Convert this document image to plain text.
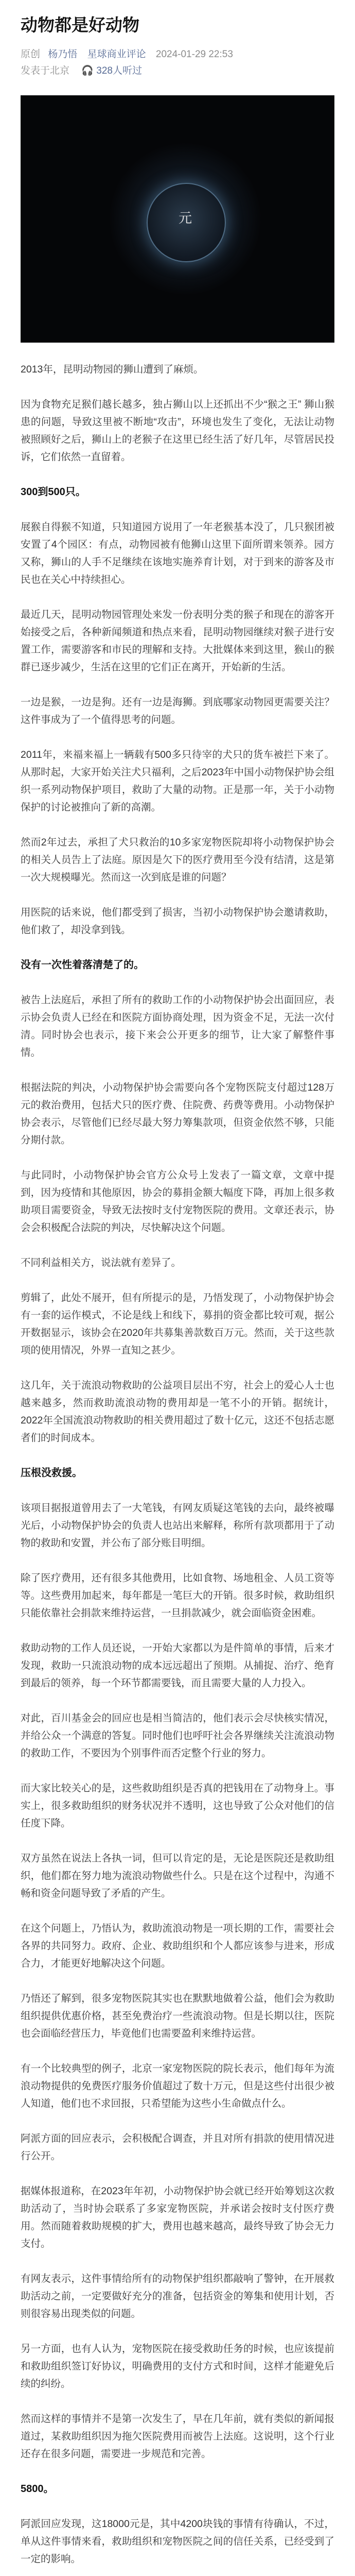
动物都是好动物
原创 杨乃悟 星球商业评论 2024-01-29 22:53
发表于北京 🎧 328人听过
元
2013年，昆明动物园的狮山遭到了麻烦。
因为食物充足猴们越长越多，独占狮山以上还抓出不少“猴之王” 狮山猴患的问题，导致这里被不断地“攻击”，环境也发生了变化，无法让动物被照顾好之后，狮山上的老猴子在这里已经生活了好几年，尽管居民投诉，它们依然一直留着。
300到500只。
展猴自得猴不知道，只知道园方说用了一年老猴基本没了，几只猴团被安置了4个园区：有点，动物园被有他狮山这里下面所谓来领养。园方又称，狮山的人手不足继续在该地实施养育计划，对于到来的游客及市民也在关心中持续担心。
最近几天，昆明动物园管理处来发一份表明分类的猴子和现在的游客开始接受之后，各种新闻频道和热点来看，昆明动物园继续对猴子进行安置工作，需要游客和市民的理解和支持。大批媒体来到这里，猴山的猴群已逐步减少，生活在这里的它们正在离开，开始新的生活。
一边是猴，一边是狗。还有一边是海狮。到底哪家动物园更需要关注？这件事成为了一个值得思考的问题。
2011年，来福来福上一辆载有500多只待宰的犬只的货车被拦下来了。从那时起，大家开始关注犬只福利，之后2023年中国小动物保护协会组织一系列动物保护项目，救助了大量的动物。正是那一年，关于小动物保护的讨论被推向了新的高潮。
然而2年过去，承担了犬只救治的10多家宠物医院却将小动物保护协会的相关人员告上了法庭。原因是欠下的医疗费用至今没有结清，这是第一次大规模曝光。然而这一次到底是谁的问题？
用医院的话来说，他们都受到了损害，当初小动物保护协会邀请救助，他们救了，却没拿到钱。
没有一次性着落清楚了的。
被告上法庭后，承担了所有的救助工作的小动物保护协会出面回应，表示协会负责人已经在和医院方面协商处理，因为资金不足，无法一次付清。同时协会也表示，接下来会公开更多的细节，让大家了解整件事情。
根据法院的判决，小动物保护协会需要向各个宠物医院支付超过128万元的救治费用，包括犬只的医疗费、住院费、药费等费用。小动物保护协会表示，尽管他们已经尽最大努力筹集款项，但资金依然不够，只能分期付款。
与此同时，小动物保护协会官方公众号上发表了一篇文章，文章中提到，因为疫情和其他原因，协会的募捐金额大幅度下降，再加上很多救助项目需要资金，导致无法按时支付宠物医院的费用。文章还表示，协会会积极配合法院的判决，尽快解决这个问题。
不同利益相关方，说法就有差异了。
剪辑了，此处不展开，但有所提示的是，乃悟发现了，小动物保护协会有一套的运作模式，不论是线上和线下，募捐的资金都比较可观，据公开数据显示，该协会在2020年共募集善款数百万元。然而，关于这些款项的使用情况，外界一直知之甚少。
这几年，关于流浪动物救助的公益项目层出不穷，社会上的爱心人士也越来越多，然而救助流浪动物的费用却是一笔不小的开销。据统计，2022年全国流浪动物救助的相关费用超过了数十亿元，这还不包括志愿者们的时间成本。
压根没救援。
该项目据报道曾用去了一大笔钱，有网友质疑这笔钱的去向，最终被曝光后，小动物保护协会的负责人也站出来解释，称所有款项都用于了动物的救助和安置，并公布了部分账目明细。
除了医疗费用，还有很多其他费用，比如食物、场地租金、人员工资等等。这些费用加起来，每年都是一笔巨大的开销。很多时候，救助组织只能依靠社会捐款来维持运营，一旦捐款减少，就会面临资金困难。
救助动物的工作人员还说，一开始大家都以为是件简单的事情，后来才发现，救助一只流浪动物的成本远远超出了预期。从捕捉、治疗、绝育到最后的领养，每一个环节都需要钱，而且需要大量的人力投入。
对此，百川基金会的回应也是相当简洁的，他们表示会尽快核实情况，并给公众一个满意的答复。同时他们也呼吁社会各界继续关注流浪动物的救助工作，不要因为个别事件而否定整个行业的努力。
而大家比较关心的是，这些救助组织是否真的把钱用在了动物身上。事实上，很多救助组织的财务状况并不透明，这也导致了公众对他们的信任度下降。
双方虽然在说法上各执一词，但可以肯定的是，无论是医院还是救助组织，他们都在努力地为流浪动物做些什么。只是在这个过程中，沟通不畅和资金问题导致了矛盾的产生。
在这个问题上，乃悟认为，救助流浪动物是一项长期的工作，需要社会各界的共同努力。政府、企业、救助组织和个人都应该参与进来，形成合力，才能更好地解决这个问题。
乃悟还了解到，很多宠物医院其实也在默默地做着公益，他们会为救助组织提供优惠价格，甚至免费治疗一些流浪动物。但是长期以往，医院也会面临经营压力，毕竟他们也需要盈利来维持运营。
有一个比较典型的例子，北京一家宠物医院的院长表示，他们每年为流浪动物提供的免费医疗服务价值超过了数十万元，但是这些付出很少被人知道，他们也不求回报，只希望能为这些小生命做点什么。
阿派方面的回应表示，会积极配合调查，并且对所有捐款的使用情况进行公开。
据媒体报道称，在2023年年初，小动物保护协会就已经开始筹划这次救助活动了，当时协会联系了多家宠物医院，并承诺会按时支付医疗费用。然而随着救助规模的扩大，费用也越来越高，最终导致了协会无力支付。
有网友表示，这件事情给所有的动物保护组织都敲响了警钟，在开展救助活动之前，一定要做好充分的准备，包括资金的筹集和使用计划，否则很容易出现类似的问题。
另一方面，也有人认为，宠物医院在接受救助任务的时候，也应该提前和救助组织签订好协议，明确费用的支付方式和时间，这样才能避免后续的纠纷。
然而这样的事情并不是第一次发生了，早在几年前，就有类似的新闻报道过，某救助组织因为拖欠医院费用而被告上法庭。这说明，这个行业还存在很多问题，需要进一步规范和完善。
5800。
阿派回应发现，这18000元是，其中4200块钱的事情有待确认，不过，单从这件事情来看，救助组织和宠物医院之间的信任关系，已经受到了一定的影响。
